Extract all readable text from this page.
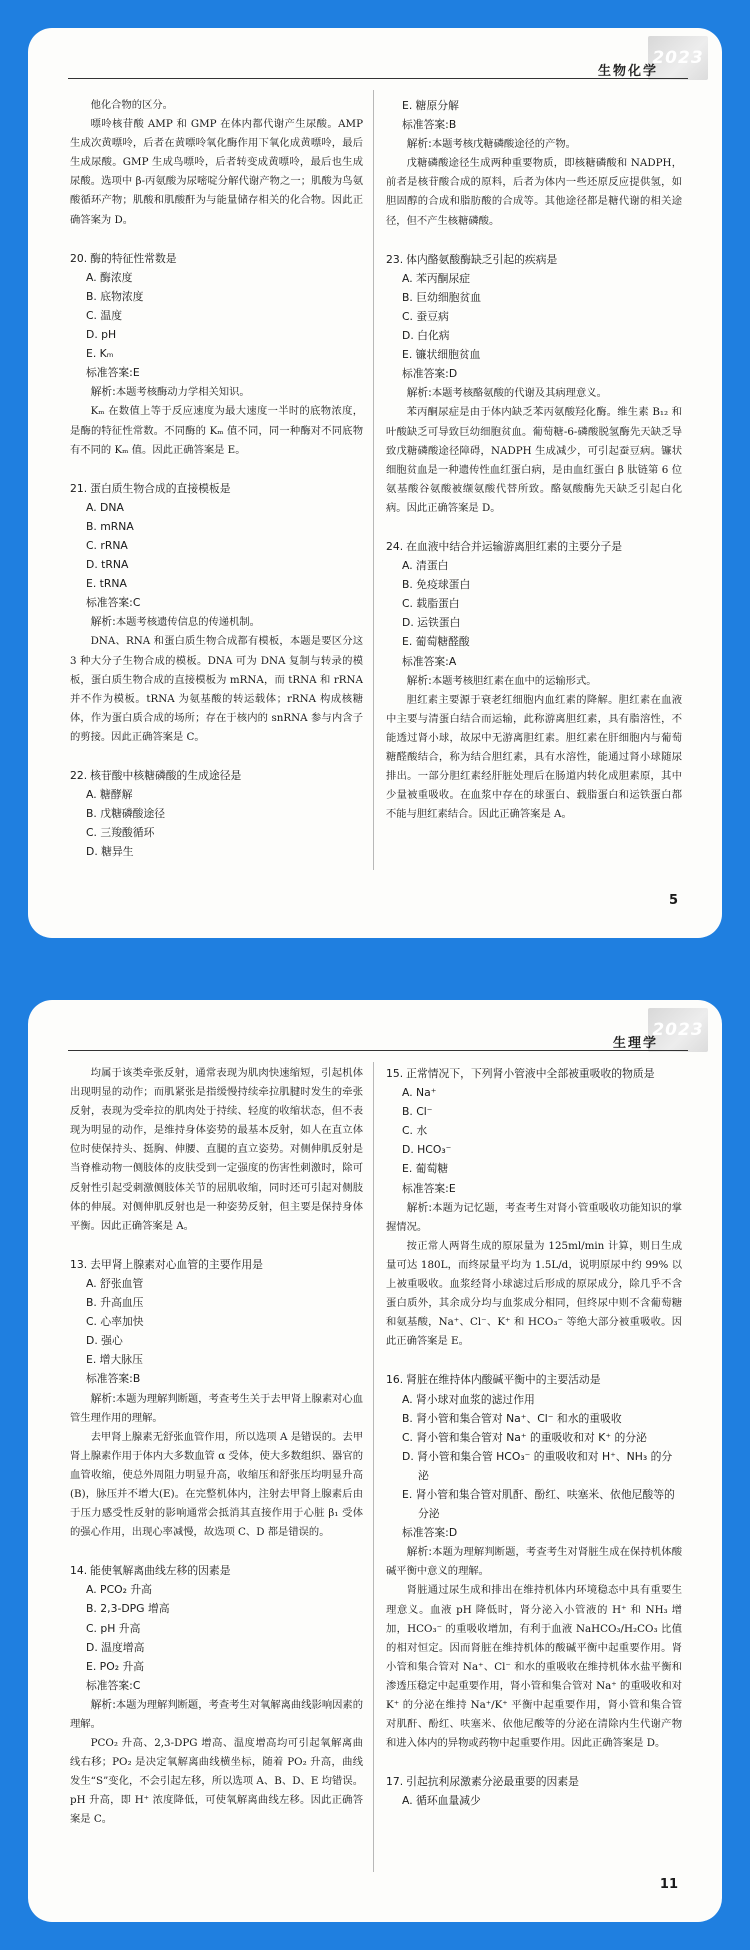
2023
生物化学

他化合物的区分。

嘌呤核苷酸 AMP 和 GMP 在体内都代谢产生尿酸。AMP 生成次黄嘌呤，后者在黄嘌呤氧化酶作用下氧化成黄嘌呤，最后生成尿酸。GMP 生成鸟嘌呤，后者转变成黄嘌呤，最后也生成尿酸。选项中 β-丙氨酸为尿嘧啶分解代谢产物之一；肌酸为鸟氨酸循环产物；肌酸和肌酸酐为与能量储存相关的化合物。因此正确答案为 D。

20. 酶的特征性常数是
A. 酶浓度
B. 底物浓度
C. 温度
D. pH
E. Kₘ
标准答案:E

解析:本题考核酶动力学相关知识。

Kₘ 在数值上等于反应速度为最大速度一半时的底物浓度，是酶的特征性常数。不同酶的 Kₘ 值不同，同一种酶对不同底物有不同的 Kₘ 值。因此正确答案是 E。

21. 蛋白质生物合成的直接模板是
A. DNA
B. mRNA
C. rRNA
D. tRNA
E. tRNA
标准答案:C

解析:本题考核遗传信息的传递机制。

DNA、RNA 和蛋白质生物合成都有模板，本题是要区分这 3 种大分子生物合成的模板。DNA 可为 DNA 复制与转录的模板，蛋白质生物合成的直接模板为 mRNA，而 tRNA 和 rRNA 并不作为模板。tRNA 为氨基酸的转运载体；rRNA 构成核糖体，作为蛋白质合成的场所；存在于核内的 snRNA 参与内含子的剪接。因此正确答案是 C。

22. 核苷酸中核糖磷酸的生成途径是
A. 糖酵解
B. 戊糖磷酸途径
C. 三羧酸循环
D. 糖异生
E. 糖原分解
标准答案:B

解析:本题考核戊糖磷酸途径的产物。

戊糖磷酸途径生成两种重要物质，即核糖磷酸和 NADPH，前者是核苷酸合成的原料，后者为体内一些还原反应提供氢，如胆固醇的合成和脂肪酸的合成等。其他途径都是糖代谢的相关途径，但不产生核糖磷酸。

23. 体内酪氨酸酶缺乏引起的疾病是
A. 苯丙酮尿症
B. 巨幼细胞贫血
C. 蚕豆病
D. 白化病
E. 镰状细胞贫血
标准答案:D

解析:本题考核酪氨酸的代谢及其病理意义。

苯丙酮尿症是由于体内缺乏苯丙氨酸羟化酶。维生素 B₁₂ 和叶酸缺乏可导致巨幼细胞贫血。葡萄糖-6-磷酸脱氢酶先天缺乏导致戊糖磷酸途径障碍，NADPH 生成减少，可引起蚕豆病。镰状细胞贫血是一种遗传性血红蛋白病，是由血红蛋白 β 肽链第 6 位氨基酸谷氨酸被缬氨酸代替所致。酪氨酸酶先天缺乏引起白化病。因此正确答案是 D。

24. 在血液中结合并运输游离胆红素的主要分子是
A. 清蛋白
B. 免疫球蛋白
C. 载脂蛋白
D. 运铁蛋白
E. 葡萄糖醛酸
标准答案:A

解析:本题考核胆红素在血中的运输形式。

胆红素主要源于衰老红细胞内血红素的降解。胆红素在血液中主要与清蛋白结合而运输，此称游离胆红素，具有脂溶性，不能透过肾小球，故尿中无游离胆红素。胆红素在肝细胞内与葡萄糖醛酸结合，称为结合胆红素，具有水溶性，能通过肾小球随尿排出。一部分胆红素经肝脏处理后在肠道内转化成胆素原，其中少量被重吸收。在血浆中存在的球蛋白、载脂蛋白和运铁蛋白都不能与胆红素结合。因此正确答案是 A。

5
2023
生理学

均属于该类牵张反射，通常表现为肌肉快速缩短，引起机体出现明显的动作；而肌紧张是指缓慢持续牵拉肌腱时发生的牵张反射，表现为受牵拉的肌肉处于持续、轻度的收缩状态，但不表现为明显的动作，是维持身体姿势的最基本反射，如人在直立体位时使保持头、挺胸、伸腰、直腿的直立姿势。对侧伸肌反射是当脊椎动物一侧肢体的皮肤受到一定强度的伤害性刺激时，除可反射性引起受刺激侧肢体关节的屈肌收缩，同时还可引起对侧肢体的伸展。对侧伸肌反射也是一种姿势反射，但主要是保持身体平衡。因此正确答案是 A。

13. 去甲肾上腺素对心血管的主要作用是
A. 舒张血管
B. 升高血压
C. 心率加快
D. 强心
E. 增大脉压
标准答案:B

解析:本题为理解判断题，考查考生关于去甲肾上腺素对心血管生理作用的理解。

去甲肾上腺素无舒张血管作用，所以选项 A 是错误的。去甲肾上腺素作用于体内大多数血管 α 受体，使大多数组织、器官的血管收缩，使总外周阻力明显升高，收缩压和舒张压均明显升高(B)，脉压并不增大(E)。在完整机体内，注射去甲肾上腺素后由于压力感受性反射的影响通常会抵消其直接作用于心脏 β₁ 受体的强心作用，出现心率减慢，故选项 C、D 都是错误的。

14. 能使氧解离曲线左移的因素是
A. PCO₂ 升高
B. 2,3-DPG 增高
C. pH 升高
D. 温度增高
E. PO₂ 升高
标准答案:C

解析:本题为理解判断题，考查考生对氧解离曲线影响因素的理解。

PCO₂ 升高、2,3-DPG 增高、温度增高均可引起氧解离曲线右移；PO₂ 是决定氧解离曲线横坐标，随着 PO₂ 升高，曲线发生“S”变化，不会引起左移，所以选项 A、B、D、E 均错误。pH 升高，即 H⁺ 浓度降低，可使氧解离曲线左移。因此正确答案是 C。

15. 正常情况下，下列肾小管液中全部被重吸收的物质是
A. Na⁺
B. Cl⁻
C. 水
D. HCO₃⁻
E. 葡萄糖
标准答案:E

解析:本题为记忆题，考查考生对肾小管重吸收功能知识的掌握情况。

按正常人两肾生成的原尿量为 125ml/min 计算，则日生成量可达 180L，而终尿量平均为 1.5L/d，说明原尿中约 99% 以上被重吸收。血浆经肾小球滤过后形成的原尿成分，除几乎不含蛋白质外，其余成分均与血浆成分相同，但终尿中则不含葡萄糖和氨基酸，Na⁺、Cl⁻、K⁺ 和 HCO₃⁻ 等绝大部分被重吸收。因此正确答案是 E。

16. 肾脏在维持体内酸碱平衡中的主要活动是
A. 肾小球对血浆的滤过作用
B. 肾小管和集合管对 Na⁺、Cl⁻ 和水的重吸收
C. 肾小管和集合管对 Na⁺ 的重吸收和对 K⁺ 的分泌
D. 肾小管和集合管 HCO₃⁻ 的重吸收和对 H⁺、NH₃ 的分泌
E. 肾小管和集合管对肌酐、酚红、呋塞米、依他尼酸等的分泌
标准答案:D

解析:本题为理解判断题，考查考生对肾脏生成在保持机体酸碱平衡中意义的理解。

肾脏通过尿生成和排出在维持机体内环境稳态中具有重要生理意义。血液 pH 降低时，肾分泌入小管液的 H⁺ 和 NH₃ 增加，HCO₃⁻ 的重吸收增加，有利于血液 NaHCO₃/H₂CO₃ 比值的相对恒定。因而肾脏在维持机体的酸碱平衡中起重要作用。肾小管和集合管对 Na⁺、Cl⁻ 和水的重吸收在维持机体水盐平衡和渗透压稳定中起重要作用，肾小管和集合管对 Na⁺ 的重吸收和对 K⁺ 的分泌在维持 Na⁺/K⁺ 平衡中起重要作用，肾小管和集合管对肌酐、酚红、呋塞米、依他尼酸等的分泌在清除内生代谢产物和进入体内的异物或药物中起重要作用。因此正确答案是 D。

17. 引起抗利尿激素分泌最重要的因素是
A. 循环血量减少
11
